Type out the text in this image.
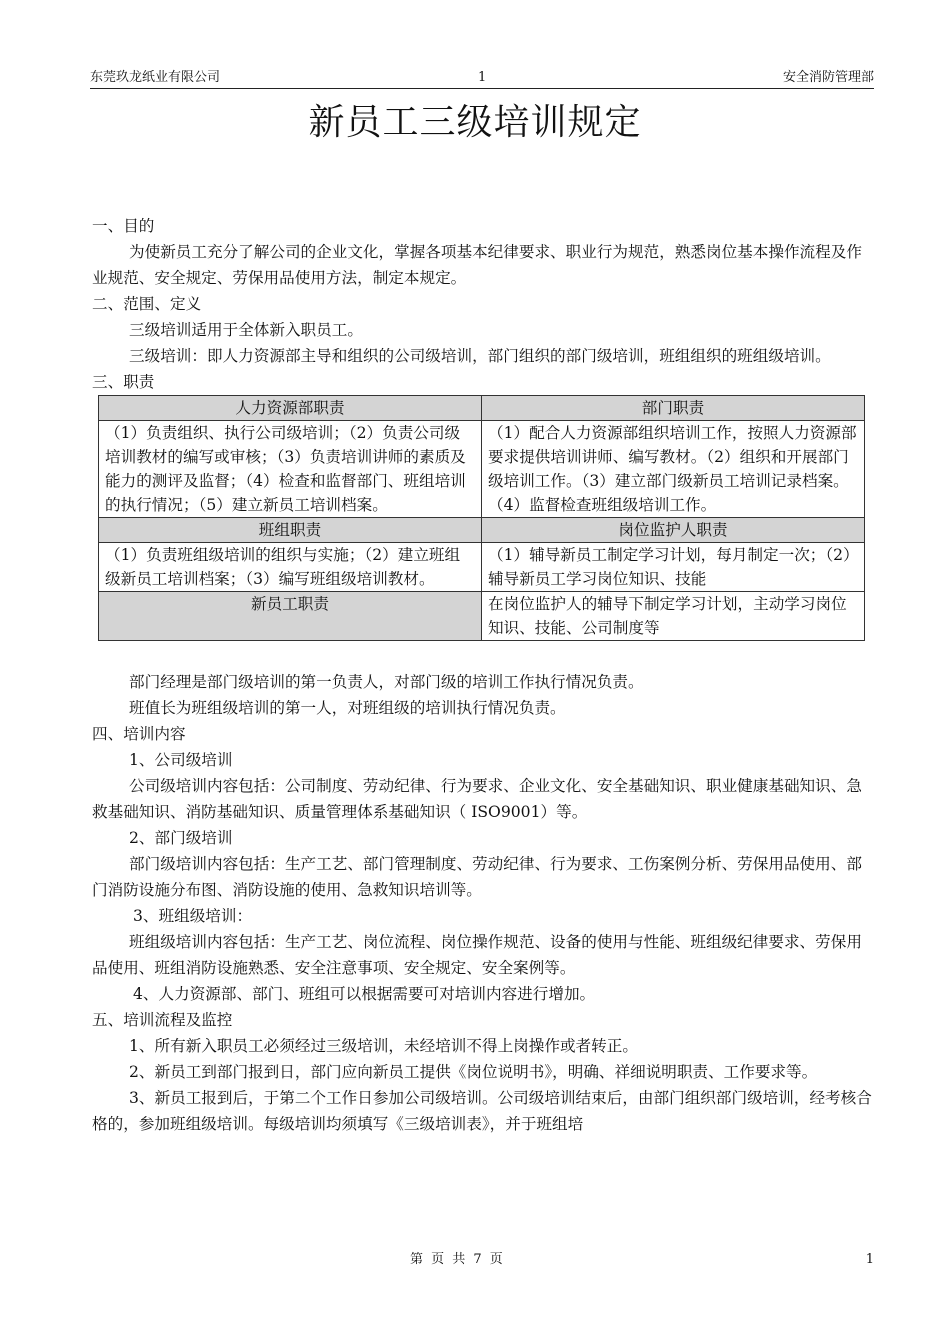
东莞玖龙纸业有限公司	1	安全消防管理部
新员工三级培训规定

一、目的

为使新员工充分了解公司的企业文化，掌握各项基本纪律要求、职业行为规范，熟悉岗位基本操作流程及作业规范、安全规定、劳保用品使用方法，制定本规定。

二、范围、定义

三级培训适用于全体新入职员工。

三级培训：即人力资源部主导和组织的公司级培训，部门组织的部门级培训，班组组织的班组级培训。

三、职责

人力资源部职责	部门职责
（1）负责组织、执行公司级培训；（2）负责公司级培训教材的编写或审核；（3）负责培训讲师的素质及能力的测评及监督；（4）检查和监督部门、班组培训的执行情况；（5）建立新员工培训档案。	（1）配合人力资源部组织培训工作，按照人力资源部要求提供培训讲师、编写教材。（2）组织和开展部门级培训工作。（3）建立部门级新员工培训记录档案。（4）监督检查班组级培训工作。
班组职责	岗位监护人职责
（1）负责班组级培训的组织与实施；（2）建立班组级新员工培训档案；（3）编写班组级培训教材。	（1）辅导新员工制定学习计划，每月制定一次；（2）辅导新员工学习岗位知识、技能
新员工职责	在岗位监护人的辅导下制定学习计划，主动学习岗位知识、技能、公司制度等

部门经理是部门级培训的第一负责人，对部门级的培训工作执行情况负责。

班值长为班组级培训的第一人，对班组级的培训执行情况负责。

四、培训内容

1、公司级培训

公司级培训内容包括：公司制度、劳动纪律、行为要求、企业文化、安全基础知识、职业健康基础知识、急救基础知识、消防基础知识、质量管理体系基础知识（ ISO9001）等。

2、部门级培训

部门级培训内容包括：生产工艺、部门管理制度、劳动纪律、行为要求、工伤案例分析、劳保用品使用、部门消防设施分布图、消防设施的使用、急救知识培训等。

3、班组级培训：

班组级培训内容包括：生产工艺、岗位流程、岗位操作规范、设备的使用与性能、班组级纪律要求、劳保用品使用、班组消防设施熟悉、安全注意事项、安全规定、安全案例等。

4、人力资源部、部门、班组可以根据需要可对培训内容进行增加。

五、培训流程及监控

1、所有新入职员工必须经过三级培训，未经培训不得上岗操作或者转正。

2、新员工到部门报到日，部门应向新员工提供《岗位说明书》，明确、祥细说明职责、工作要求等。

3、新员工报到后，于第二个工作日参加公司级培训。公司级培训结束后，由部门组织部门级培训，经考核合格的，参加班组级培训。每级培训均须填写《三级培训表》，并于班组培

第 页 共 7 页	1
